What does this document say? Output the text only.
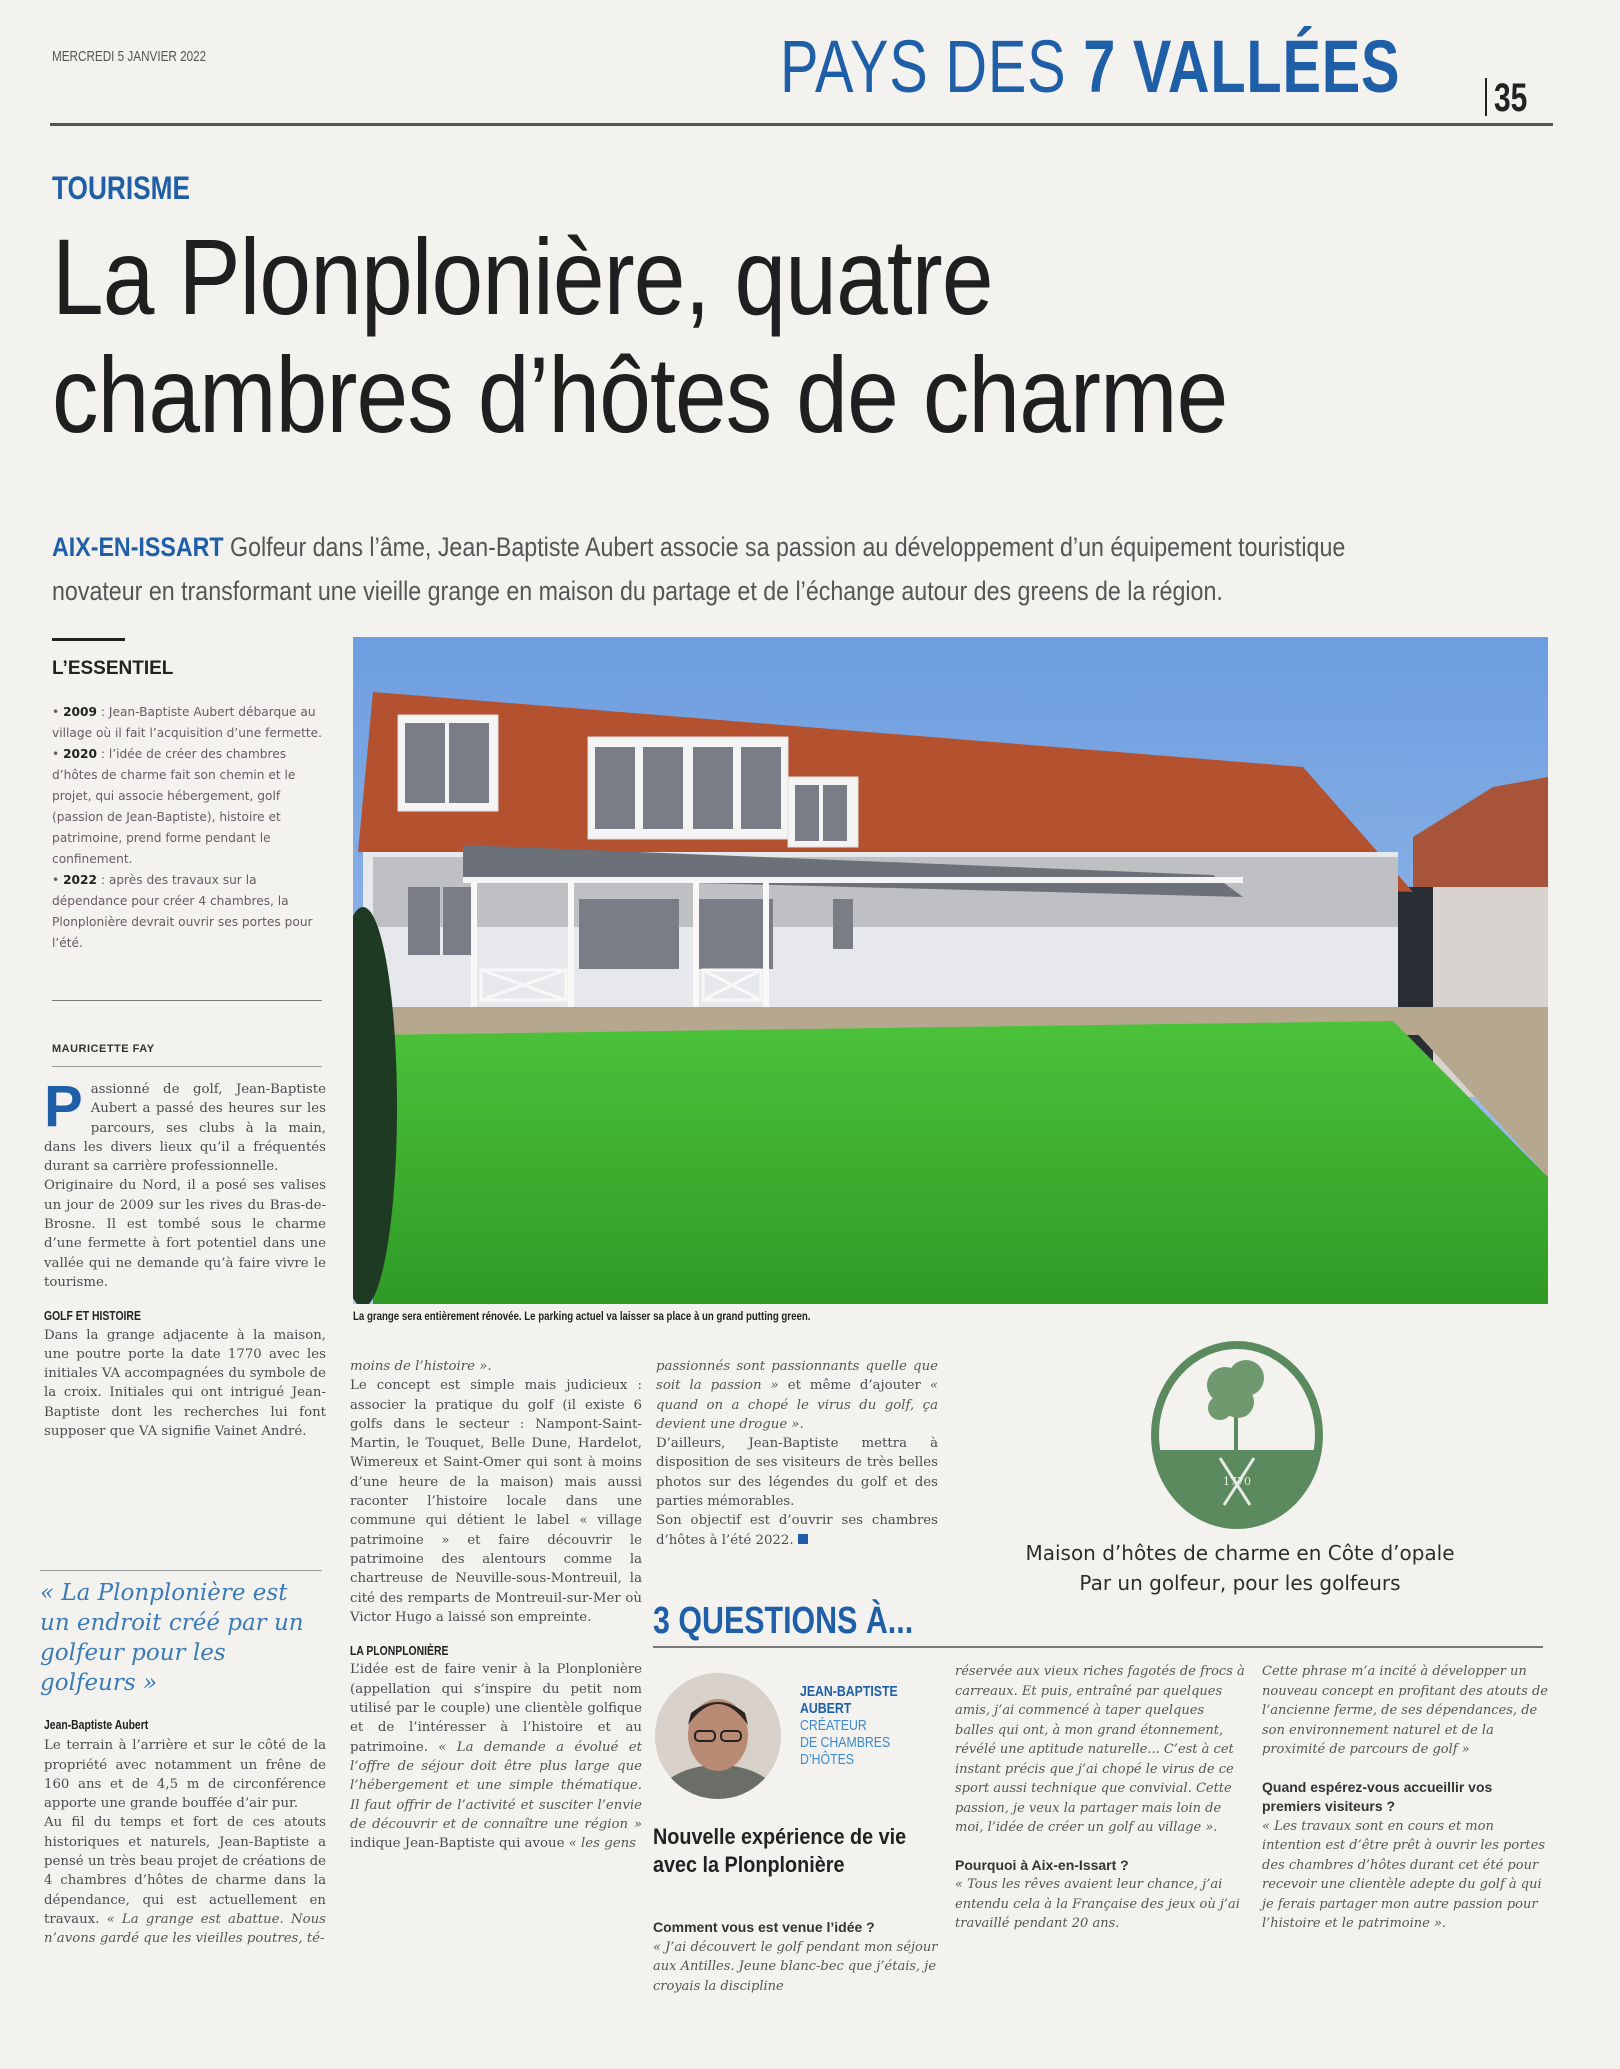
MERCREDI 5 JANVIER 2022	PAYS DES 7 VALLÉES 35
TOURISME
La Plonplonière, quatre
chambres d’hôtes de charme
AIX-EN-ISSART Golfeur dans l’âme, Jean-Baptiste Aubert associe sa passion au développement d’un équipement touristique novateur en transformant une vieille grange en maison du partage et de l’échange autour des greens de la région.
L’ESSENTIEL
• 2009 : Jean-Baptiste Aubert débarque au village où il fait l’acquisition d’une fermette.
• 2020 : l’idée de créer des chambres d’hôtes de charme fait son chemin et le projet, qui associe hébergement, golf (passion de Jean-Baptiste), histoire et patrimoine, prend forme pendant le confinement.
• 2022 : après des travaux sur la dépendance pour créer 4 chambres, la Plonplonière devrait ouvrir ses portes pour l’été.
MAURICETTE FAY
P assionné de golf, Jean-Baptiste Aubert a passé des heures sur les parcours, ses clubs à la main, dans les divers lieux qu’il a fréquentés durant sa carrière professionnelle.

Originaire du Nord, il a posé ses valises un jour de 2009 sur les rives du Bras-de-Brosne. Il est tombé sous le charme d’une fermette à fort potentiel dans une vallée qui ne demande qu’à faire vivre le tourisme.

GOLF ET HISTOIRE

Dans la grange adjacente à la maison, une poutre porte la date 1770 avec les initiales VA accompagnées du symbole de la croix. Initiales qui ont intrigué Jean-Baptiste dont les recherches lui font supposer que VA signifie Vainet André.

« La Plonplonière est un endroit créé par un golfeur pour les golfeurs »
Jean-Baptiste Aubert

Le terrain à l’arrière et sur le côté de la propriété avec notamment un frêne de 160 ans et de 4,5 m de circonférence apporte une grande bouffée d’air pur.

Au fil du temps et fort de ces atouts historiques et naturels, Jean-Baptiste a pensé un très beau projet de créations de 4 chambres d’hôtes de charme dans la dépendance, qui est actuellement en travaux. « La grange est abattue. Nous n’avons gardé que les vieilles poutres, té-

La grange sera entièrement rénovée. Le parking actuel va laisser sa place à un grand putting green.

moins de l’histoire ».

Le concept est simple mais judicieux : associer la pratique du golf (il existe 6 golfs dans le secteur : Nampont-Saint-Martin, le Touquet, Belle Dune, Hardelot, Wimereux et Saint-Omer qui sont à moins d’une heure de la maison) mais aussi raconter l’histoire locale dans une commune qui détient le label « village patrimoine » et faire découvrir le patrimoine des alentours comme la chartreuse de Neuville-sous-Montreuil, la cité des remparts de Montreuil-sur-Mer où Victor Hugo a laissé son empreinte.

LA PLONPLONIÈRE

L’idée est de faire venir à la Plonplonière (appellation qui s’inspire du petit nom utilisé par le couple) une clientèle golfique et de l’intéresser à l’histoire et au patrimoine. « La demande a évolué et l’offre de séjour doit être plus large que l’hébergement et une simple thématique. Il faut offrir de l’activité et susciter l’envie de découvrir et de connaître une région » indique Jean-Baptiste qui avoue « les gens

passionnés sont passionnants quelle que soit la passion » et même d’ajouter « quand on a chopé le virus du golf, ça devient une drogue ».

D’ailleurs, Jean-Baptiste mettra à disposition de ses visiteurs de très belles photos sur des légendes du golf et des parties mémorables.

Son objectif est d’ouvrir ses chambres d’hôtes à l’été 2022.

1770
Maison d’hôtes de charme en Côte d’opale
Par un golfeur, pour les golfeurs
3 QUESTIONS À...
JEAN-BAPTISTE
AUBERT
CRÉATEUR
DE CHAMBRES
D’HÔTES
Nouvelle expérience de vie avec la Plonplonière
Comment vous est venue l’idée ?
« J’ai découvert le golf pendant mon séjour aux Antilles. Jeune blanc-bec que j’étais, je croyais la discipline
réservée aux vieux riches fagotés de frocs à carreaux. Et puis, entraîné par quelques amis, j’ai commencé à taper quelques balles qui ont, à mon grand étonnement, révélé une aptitude naturelle... C’est à cet instant précis que j’ai chopé le virus de ce sport aussi technique que convivial. Cette passion, je veux la partager mais loin de moi, l’idée de créer un golf au village ».
Pourquoi à Aix-en-Issart ?
« Tous les rêves avaient leur chance, j’ai entendu cela à la Française des jeux où j’ai travaillé pendant 20 ans.
Cette phrase m’a incité à développer un nouveau concept en profitant des atouts de l’ancienne ferme, de ses dépendances, de son environnement naturel et de la proximité de parcours de golf »
Quand espérez-vous accueillir vos premiers visiteurs ?
« Les travaux sont en cours et mon intention est d’être prêt à ouvrir les portes des chambres d’hôtes durant cet été pour recevoir une clientèle adepte du golf à qui je ferais partager mon autre passion pour l’histoire et le patrimoine ».
